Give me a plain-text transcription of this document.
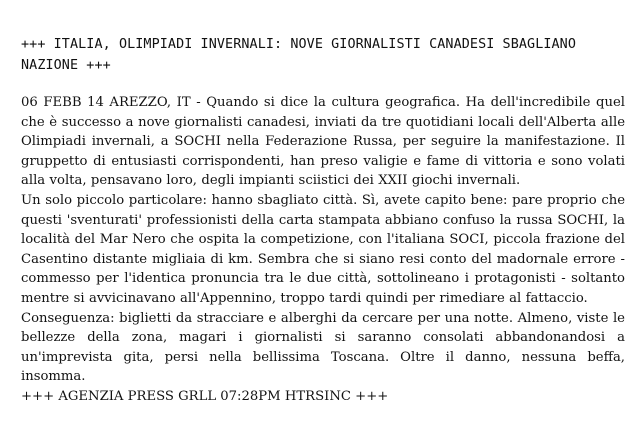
+++ ITALIA, OLIMPIADI INVERNALI: NOVE GIORNALISTI CANADESI SBAGLIANO NAZIONE +++

06 FEBB 14 AREZZO, IT - Quando si dice la cultura geografica. Ha dell'incredibile quel che è successo a nove giornalisti canadesi, inviati da tre quotidiani locali dell'Alberta alle Olimpiadi invernali, a SOCHI nella Federazione Russa, per seguire la manifestazione. Il gruppetto di entusiasti corrispondenti, han preso valigie e fame di vittoria e sono volati alla volta, pensavano loro, degli impianti sciistici dei XXII giochi invernali.

Un solo piccolo particolare: hanno sbagliato città. Sì, avete capito bene: pare proprio che questi 'sventurati' professionisti della carta stampata abbiano confuso la russa SOCHI, la località del Mar Nero che ospita la competizione, con l'italiana SOCI, piccola frazione del Casentino distante migliaia di km. Sembra che si siano resi conto del madornale errore - commesso per l'identica pronuncia tra le due città, sottolineano i protagonisti - soltanto mentre si avvicinavano all'Appennino, troppo tardi quindi per rimediare al fattaccio.

Conseguenza: biglietti da stracciare e alberghi da cercare per una notte. Almeno, viste le bellezze della zona, magari i giornalisti si saranno consolati abbandonandosi a un'imprevista gita, persi nella bellissima Toscana. Oltre il danno, nessuna beffa, insomma.

+++ AGENZIA PRESS GRLL 07:28PM HTRSINC +++
